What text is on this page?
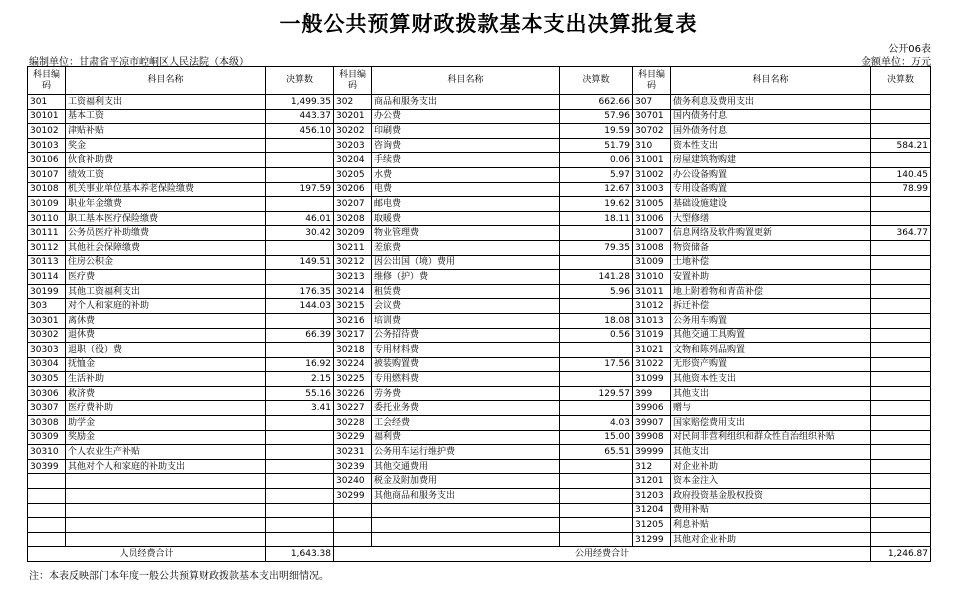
一般公共预算财政拨款基本支出决算批复表
公开06表
编制单位：甘肃省平凉市崆峒区人民法院（本级）	金额单位：万元
科目编码	科目名称	决算数	科目编码	科目名称	决算数	科目编码	科目名称	决算数
301	工资福利支出	1,499.35	302	商品和服务支出	662.66	307	债务利息及费用支出	
30101	基本工资	443.37	30201	办公费	57.96	30701	国内债务付息	
30102	津贴补贴	456.10	30202	印刷费	19.59	30702	国外债务付息	
30103	奖金		30203	咨询费	51.79	310	资本性支出	584.21
30106	伙食补助费		30204	手续费	0.06	31001	房屋建筑物购建	
30107	绩效工资		30205	水费	5.97	31002	办公设备购置	140.45
30108	机关事业单位基本养老保险缴费	197.59	30206	电费	12.67	31003	专用设备购置	78.99
30109	职业年金缴费		30207	邮电费	19.62	31005	基础设施建设	
30110	职工基本医疗保险缴费	46.01	30208	取暖费	18.11	31006	大型修缮	
30111	公务员医疗补助缴费	30.42	30209	物业管理费		31007	信息网络及软件购置更新	364.77
30112	其他社会保障缴费		30211	差旅费	79.35	31008	物资储备	
30113	住房公积金	149.51	30212	因公出国（境）费用		31009	土地补偿	
30114	医疗费		30213	维修（护）费	141.28	31010	安置补助	
30199	其他工资福利支出	176.35	30214	租赁费	5.96	31011	地上附着物和青苗补偿	
303	对个人和家庭的补助	144.03	30215	会议费		31012	拆迁补偿	
30301	离休费		30216	培训费	18.08	31013	公务用车购置	
30302	退休费	66.39	30217	公务招待费	0.56	31019	其他交通工具购置	
30303	退职（役）费		30218	专用材料费		31021	文物和陈列品购置	
30304	抚恤金	16.92	30224	被装购置费	17.56	31022	无形资产购置	
30305	生活补助	2.15	30225	专用燃料费		31099	其他资本性支出	
30306	救济费	55.16	30226	劳务费	129.57	399	其他支出	
30307	医疗费补助	3.41	30227	委托业务费		39906	赠与	
30308	助学金		30228	工会经费	4.03	39907	国家赔偿费用支出	
30309	奖励金		30229	福利费	15.00	39908	对民间非营利组织和群众性自治组织补贴	
30310	个人农业生产补贴		30231	公务用车运行维护费	65.51	39999	其他支出	
30399	其他对个人和家庭的补助支出		30239	其他交通费用		312	对企业补助	
			30240	税金及附加费用		31201	资本金注入	
			30299	其他商品和服务支出		31203	政府投资基金股权投资	
						31204	费用补贴	
						31205	利息补贴	
						31299	其他对企业补助	
人员经费合计		1,643.38	公用经费合计					1,246.87
注：本表反映部门本年度一般公共预算财政拨款基本支出明细情况。
